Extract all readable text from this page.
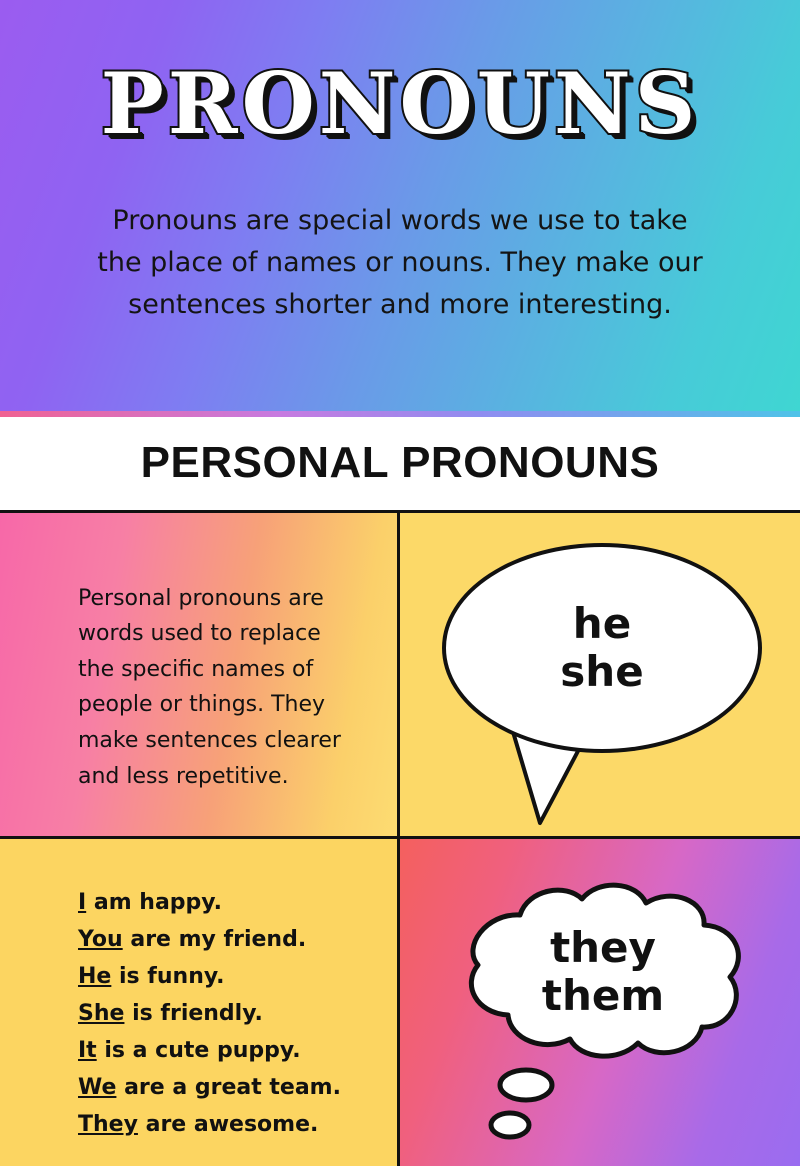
PRONOUNS

Pronouns are special words we use to take the place of names or nouns. They make our sentences shorter and more interesting.

PERSONAL PRONOUNS

Personal pronouns are words used to replace the specific names of people or things. They make sentences clearer and less repetitive.

he
she
I am happy.
You are my friend.
He is funny.
She is friendly.
It is a cute puppy.
We are a great team.
They are awesome.
they
them
